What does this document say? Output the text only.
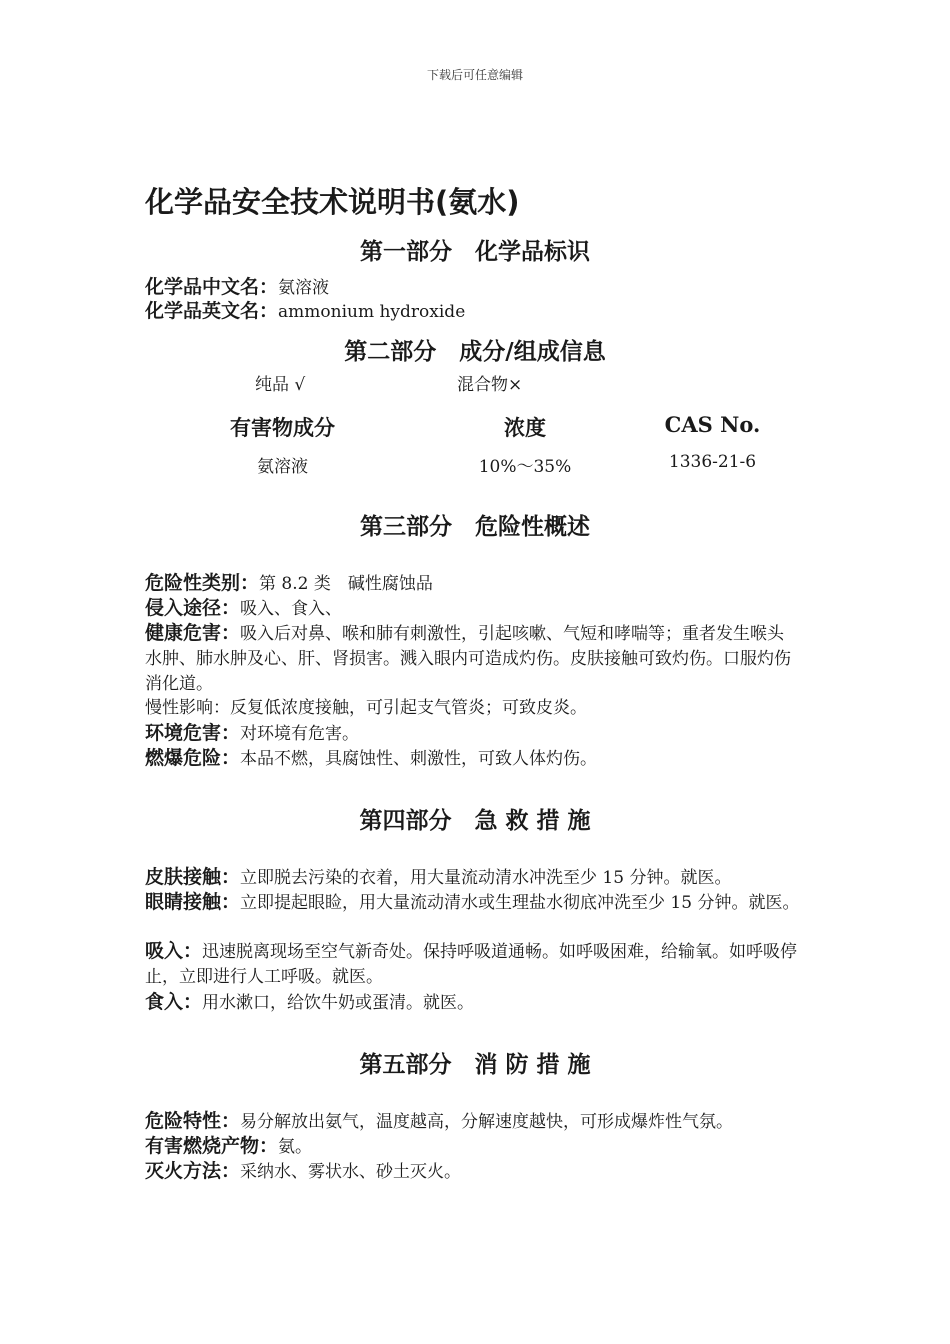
下载后可任意编辑
化学品安全技术说明书(氨水)
第一部分　化学品标识
化学品中文名：氨溶液
化学品英文名：ammonium hydroxide
第二部分　成分/组成信息
纯品 √	混合物×
有害物成分	浓度	CAS No.
氨溶液	10%～35%	1336-21-6
第三部分　危险性概述
危险性类别：第 8.2 类　碱性腐蚀品
侵入途径：吸入、食入、
健康危害：吸入后对鼻、喉和肺有刺激性，引起咳嗽、气短和哮喘等；重者发生喉头水肿、肺水肿及心、肝、肾损害。溅入眼内可造成灼伤。皮肤接触可致灼伤。口服灼伤消化道。
慢性影响：反复低浓度接触，可引起支气管炎；可致皮炎。
环境危害：对环境有危害。
燃爆危险：本品不燃，具腐蚀性、刺激性，可致人体灼伤。
第四部分　急 救 措 施
皮肤接触：立即脱去污染的衣着，用大量流动清水冲洗至少 15 分钟。就医。
眼睛接触：立即提起眼睑，用大量流动清水或生理盐水彻底冲洗至少 15 分钟。就医。
吸入：迅速脱离现场至空气新奇处。保持呼吸道通畅。如呼吸困难，给输氧。如呼吸停止，立即进行人工呼吸。就医。
食入：用水漱口，给饮牛奶或蛋清。就医。
第五部分　消 防 措 施
危险特性：易分解放出氨气，温度越高，分解速度越快，可形成爆炸性气氛。
有害燃烧产物：氨。
灭火方法：采纳水、雾状水、砂土灭火。
